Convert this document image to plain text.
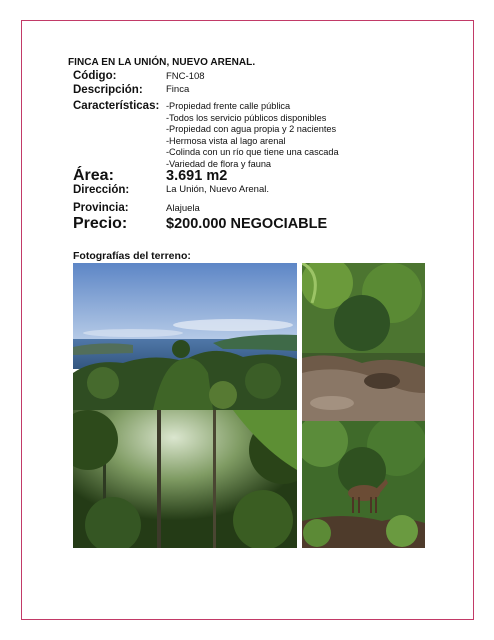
FINCA EN LA UNIÓN, NUEVO ARENAL.
Código:	FNC-108
Descripción: Finca
Características: -Propiedad frente calle pública
-Todos los servicio públicos disponibles
-Propiedad con agua propia y 2 nacientes
-Hermosa vista al lago arenal
-Colinda con un río que tiene una cascada
-Variedad de flora y fauna
Área:	3.691 m2
Dirección:	La Unión, Nuevo Arenal.
Provincia:	Alajuela
Precio:	$200.000 NEGOCIABLE
Fotografías del terreno:
